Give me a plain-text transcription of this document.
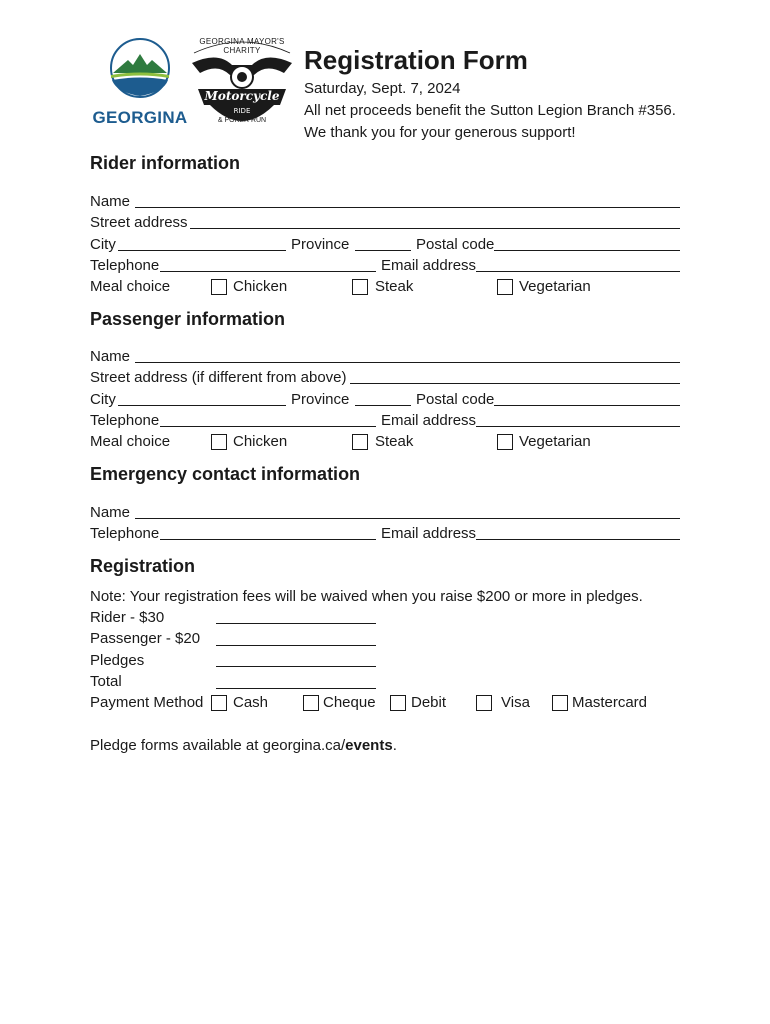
GEORGINA
Motorcycle
RIDE
GEORGINA MAYOR'S CHARITY
& POKER RUN
Registration Form
Saturday, Sept. 7, 2024
All net proceeds benefit the Sutton Legion Branch #356.
We thank you for your generous support!
Rider information
Name
Street address
City	Province	Postal code
Telephone	Email address
Meal choice	Chicken	Steak	Vegetarian
Passenger information
Name
Street address (if different from above)
City	Province	Postal code
Telephone	Email address
Meal choice	Chicken	Steak	Vegetarian
Emergency contact information
Name
Telephone	Email address
Registration
Note: Your registration fees will be waived when you raise $200 or more in pledges.
Rider - $30
Passenger - $20
Pledges
Total
Payment Method Cash	Cheque Debit	Visa	Mastercard
Pledge forms available at georgina.ca/events.
